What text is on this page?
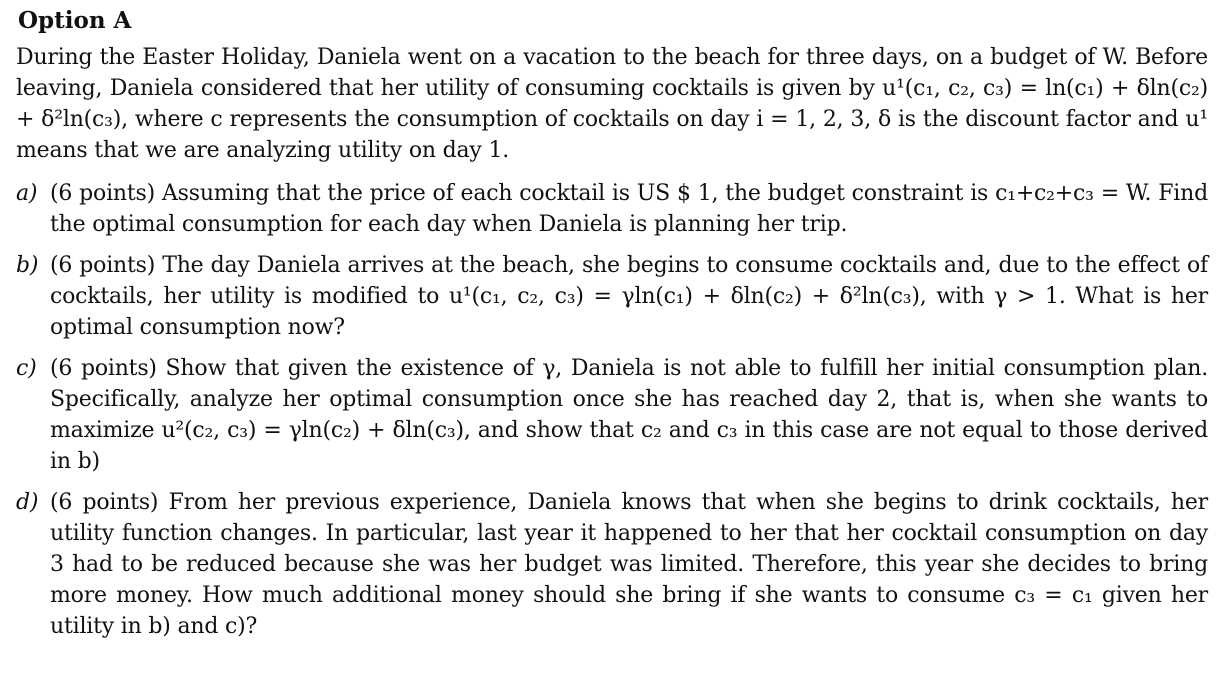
Option A

During the Easter Holiday, Daniela went on a vacation to the beach for three days, on a budget of W. Before leaving, Daniela considered that her utility of consuming cocktails is given by u¹(c₁, c₂, c₃) = ln(c₁) + δln(c₂) + δ²ln(c₃), where c represents the consumption of cocktails on day i = 1, 2, 3, δ is the discount factor and u¹ means that we are analyzing utility on day 1.

a) (6 points) Assuming that the price of each cocktail is US $ 1, the budget constraint is c₁+c₂+c₃ = W. Find the optimal consumption for each day when Daniela is planning her trip.
b) (6 points) The day Daniela arrives at the beach, she begins to consume cocktails and, due to the effect of cocktails, her utility is modified to u¹(c₁, c₂, c₃) = γln(c₁) + δln(c₂) + δ²ln(c₃), with γ > 1. What is her optimal consumption now?
c) (6 points) Show that given the existence of γ, Daniela is not able to fulfill her initial consumption plan. Specifically, analyze her optimal consumption once she has reached day 2, that is, when she wants to maximize u²(c₂, c₃) = γln(c₂) + δln(c₃), and show that c₂ and c₃ in this case are not equal to those derived in b)
d) (6 points) From her previous experience, Daniela knows that when she begins to drink cocktails, her utility function changes. In particular, last year it happened to her that her cocktail consumption on day 3 had to be reduced because she was her budget was limited. Therefore, this year she decides to bring more money. How much additional money should she bring if she wants to consume c₃ = c₁ given her utility in b) and c)?
